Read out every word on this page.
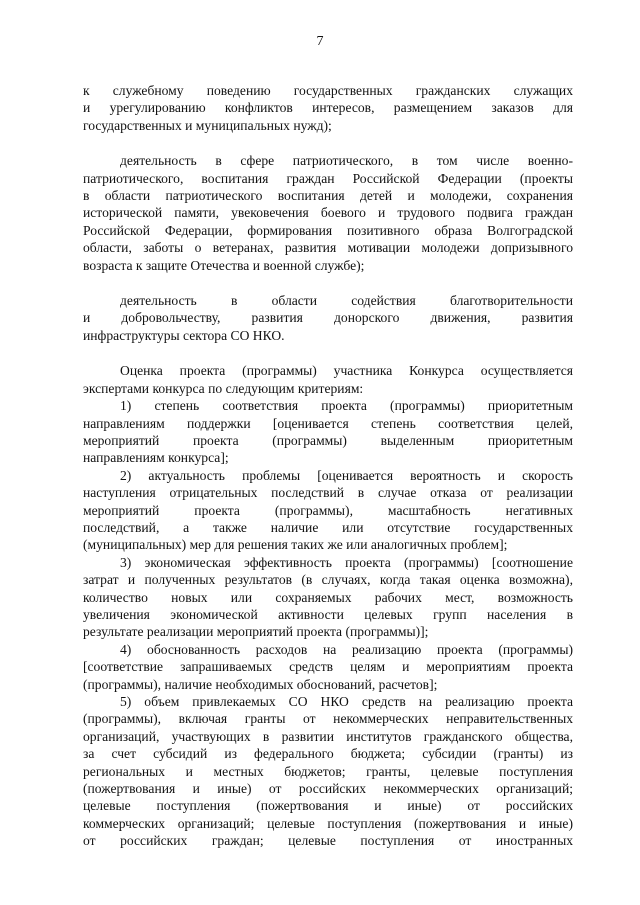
7
к служебному поведению государственных гражданских служащих
и урегулированию конфликтов интересов, размещением заказов для
государственных и муниципальных нужд);
деятельность в сфере патриотического, в том числе военно-
патриотического, воспитания граждан Российской Федерации (проекты
в области патриотического воспитания детей и молодежи, сохранения
исторической памяти, увековечения боевого и трудового подвига граждан
Российской Федерации, формирования позитивного образа Волгоградской
области, заботы о ветеранах, развития мотивации молодежи допризывного
возраста к защите Отечества и военной службе);
деятельность в области содействия благотворительности
и добровольчеству, развития донорского движения, развития
инфраструктуры сектора СО НКО.
Оценка проекта (программы) участника Конкурса осуществляется
экспертами конкурса по следующим критериям:
1) степень соответствия проекта (программы) приоритетным
направлениям поддержки [оценивается степень соответствия целей,
мероприятий проекта (программы) выделенным приоритетным
направлениям конкурса];
2) актуальность проблемы [оценивается вероятность и скорость
наступления отрицательных последствий в случае отказа от реализации
мероприятий проекта (программы), масштабность негативных
последствий, а также наличие или отсутствие государственных
(муниципальных) мер для решения таких же или аналогичных проблем];
3) экономическая эффективность проекта (программы) [соотношение
затрат и полученных результатов (в случаях, когда такая оценка возможна),
количество новых или сохраняемых рабочих мест, возможность
увеличения экономической активности целевых групп населения в
результате реализации мероприятий проекта (программы)];
4) обоснованность расходов на реализацию проекта (программы)
[соответствие запрашиваемых средств целям и мероприятиям проекта
(программы), наличие необходимых обоснований, расчетов];
5) объем привлекаемых СО НКО средств на реализацию проекта
(программы), включая гранты от некоммерческих неправительственных
организаций, участвующих в развитии институтов гражданского общества,
за счет субсидий из федерального бюджета; субсидии (гранты) из
региональных и местных бюджетов; гранты, целевые поступления
(пожертвования и иные) от российских некоммерческих организаций;
целевые поступления (пожертвования и иные) от российских
коммерческих организаций; целевые поступления (пожертвования и иные)
от российских граждан; целевые поступления от иностранных
